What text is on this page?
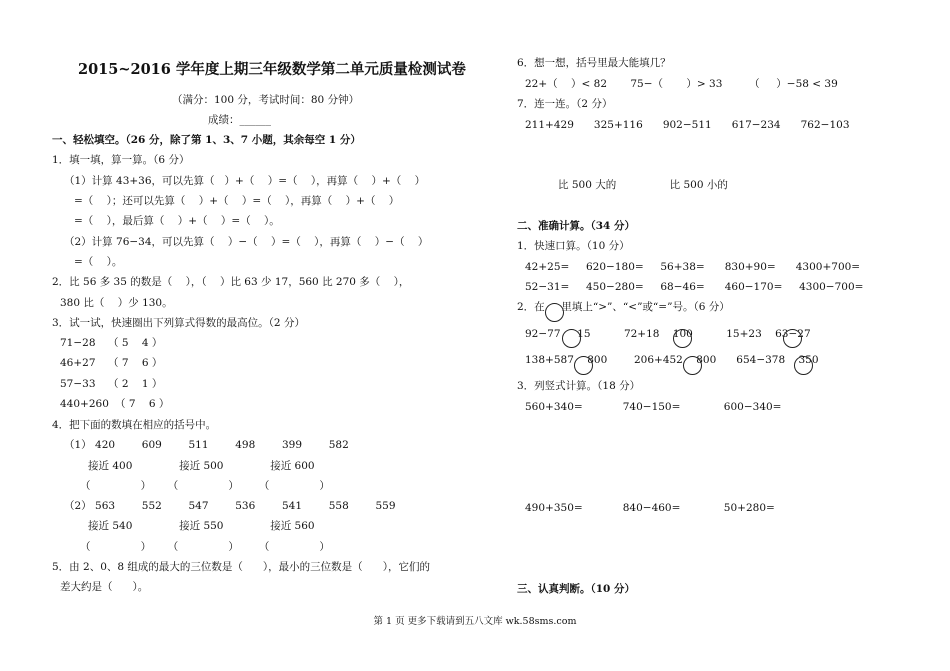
2015~2016 学年度上期三年级数学第二单元质量检测试卷
（满分：100 分，考试时间：80 分钟）
成绩：______
一、轻松填空。（26 分，除了第 1、3、7 小题，其余每空 1 分）
1．填一填，算一算。（6 分）
（1）计算 43+36，可以先算（   ）+（    ）=（    ），再算（    ）+（    ）
=（    ）；还可以先算（    ）+（    ）=（    ），再算（    ）+（    ）
=（    ），最后算（    ）+（    ）=（    ）。
（2）计算 76−34，可以先算（    ）−（    ）=（    ），再算（    ）−（    ）
=（    ）。
2．比 56 多 35 的数是（    ），（    ）比 63 少 17，560 比 270 多（    ），
380 比（    ）少 130。
3．试一试，快速圈出下列算式得数的最高位。（2 分）
71−28 （ 5    4 ）
46+27 （ 7    6 ）
57−33 （ 2    1 ）
440+260 （ 7    6 ）
4．把下面的数填在相应的括号中。
（1） 420        609        511        498        399        582
接近 400              接近 500              接近 600
（               ）     （               ）      （               ）
（2） 563        552        547        536        541        558        559
接近 540              接近 550              接近 560
（               ）     （               ）      （               ）
5．由 2、0、8 组成的最大的三位数是（      ），最小的三位数是（      ），它们的
差大约是（      ）。
6．想一想，括号里最大能填几？
22+（    ）< 82       75−（       ）> 33        （     ）−58 < 39
7．连一连。（2 分）
211+429      325+116      902−511      617−234      762−103
比 500 大的                比 500 小的
二、准确计算。（34 分）
1．快速口算。（10 分）
42+25=     620−180=     56+38=      830+90=      4300+700=
52−31=     450−280=     68−46=      460−170=     4300−700=
2．在     里填上“>”、“<”或“=”号。（6 分）
92−77     15          72+18    100          15+23    63−27
138+587    800        206+452    800      654−378    350
3．列竖式计算。（18 分）
560+340=            740−150=             600−340=
490+350=            840−460=             50+280=
三、认真判断。（10 分）
第 1 页 更多下载请到五八文库 wk.58sms.com
